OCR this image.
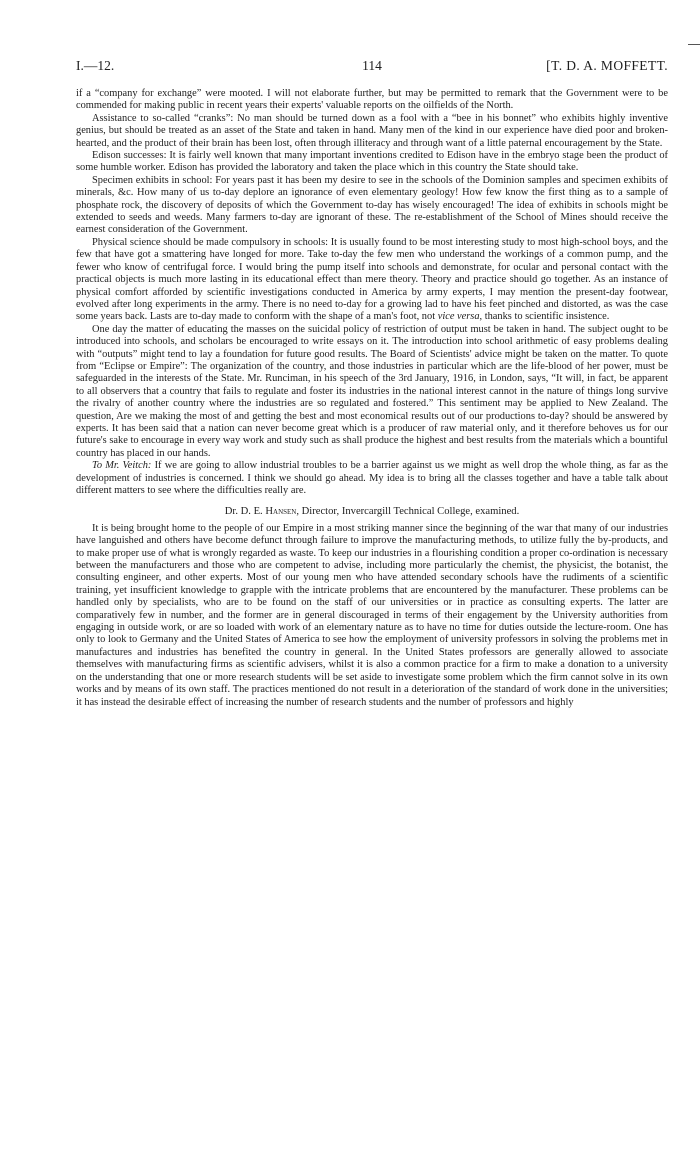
I.—12.	114	[T. D. A. MOFFETT.

if a “company for exchange” were mooted. I will not elaborate further, but may be permitted to remark that the Government were to be commended for making public in recent years their experts' valuable reports on the oilfields of the North.

Assistance to so-called “cranks”: No man should be turned down as a fool with a “bee in his bonnet” who exhibits highly inventive genius, but should be treated as an asset of the State and taken in hand. Many men of the kind in our experience have died poor and broken-hearted, and the product of their brain has been lost, often through illiteracy and through want of a little paternal encouragement by the State.

Edison successes: It is fairly well known that many important inventions credited to Edison have in the embryo stage been the product of some humble worker. Edison has provided the laboratory and taken the place which in this country the State should take.

Specimen exhibits in school: For years past it has been my desire to see in the schools of the Dominion samples and specimen exhibits of minerals, &c. How many of us to-day deplore an ignorance of even elementary geology! How few know the first thing as to a sample of phosphate rock, the discovery of deposits of which the Government to-day has wisely encouraged! The idea of exhibits in schools might be extended to seeds and weeds. Many farmers to-day are ignorant of these. The re-establishment of the School of Mines should receive the earnest consideration of the Government.

Physical science should be made compulsory in schools: It is usually found to be most interesting study to most high-school boys, and the few that have got a smattering have longed for more. Take to-day the few men who understand the workings of a common pump, and the fewer who know of centrifugal force. I would bring the pump itself into schools and demonstrate, for ocular and personal contact with the practical objects is much more lasting in its educational effect than mere theory. Theory and practice should go together. As an instance of physical comfort afforded by scientific investigations conducted in America by army experts, I may mention the present-day footwear, evolved after long experiments in the army. There is no need to-day for a growing lad to have his feet pinched and distorted, as was the case some years back. Lasts are to-day made to conform with the shape of a man's foot, not vice versa, thanks to scientific insistence.

One day the matter of educating the masses on the suicidal policy of restriction of output must be taken in hand. The subject ought to be introduced into schools, and scholars be encouraged to write essays on it. The introduction into school arithmetic of easy problems dealing with “outputs” might tend to lay a foundation for future good results. The Board of Scientists' advice might be taken on the matter. To quote from “Eclipse or Empire”: The organization of the country, and those industries in particular which are the life-blood of her power, must be safeguarded in the interests of the State. Mr. Runciman, in his speech of the 3rd January, 1916, in London, says, “It will, in fact, be apparent to all observers that a country that fails to regulate and foster its industries in the national interest cannot in the nature of things long survive the rivalry of another country where the industries are so regulated and fostered.” This sentiment may be applied to New Zealand. The question, Are we making the most of and getting the best and most economical results out of our productions to-day? should be answered by experts. It has been said that a nation can never become great which is a producer of raw material only, and it therefore behoves us for our future's sake to encourage in every way work and study such as shall produce the highest and best results from the materials which a bountiful country has placed in our hands.

To Mr. Veitch: If we are going to allow industrial troubles to be a barrier against us we might as well drop the whole thing, as far as the development of industries is concerned. I think we should go ahead. My idea is to bring all the classes together and have a table talk about different matters to see where the difficulties really are.

Dr. D. E. Hansen, Director, Invercargill Technical College, examined.

It is being brought home to the people of our Empire in a most striking manner since the beginning of the war that many of our industries have languished and others have become defunct through failure to improve the manufacturing methods, to utilize fully the by-products, and to make proper use of what is wrongly regarded as waste. To keep our industries in a flourishing condition a proper co-ordination is necessary between the manufacturers and those who are competent to advise, including more particularly the chemist, the physicist, the botanist, the consulting engineer, and other experts. Most of our young men who have attended secondary schools have the rudiments of a scientific training, yet insufficient knowledge to grapple with the intricate problems that are encountered by the manufacturer. These problems can be handled only by specialists, who are to be found on the staff of our universities or in practice as consulting experts. The latter are comparatively few in number, and the former are in general discouraged in terms of their engagement by the University authorities from engaging in outside work, or are so loaded with work of an elementary nature as to have no time for duties outside the lecture-room. One has only to look to Germany and the United States of America to see how the employment of university professors in solving the problems met in manufactures and industries has benefited the country in general. In the United States professors are generally allowed to associate themselves with manufacturing firms as scientific advisers, whilst it is also a common practice for a firm to make a donation to a university on the understanding that one or more research students will be set aside to investigate some problem which the firm cannot solve in its own works and by means of its own staff. The practices mentioned do not result in a deterioration of the standard of work done in the universities; it has instead the desirable effect of increasing the number of research students and the number of professors and highly
